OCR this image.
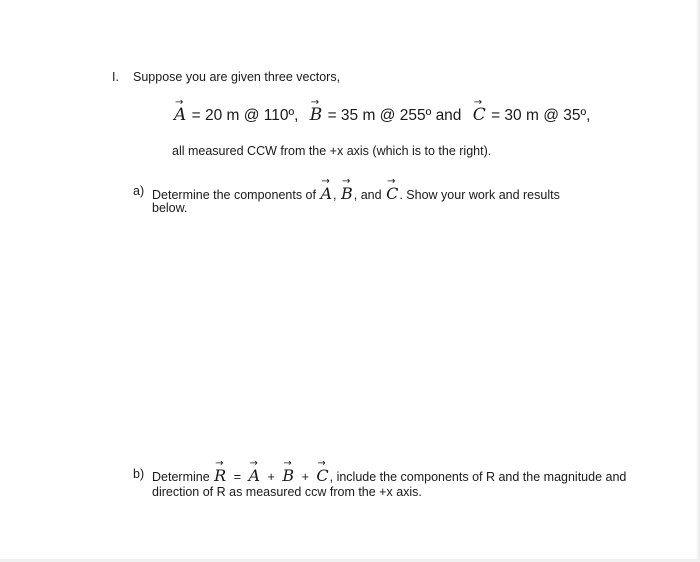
I. Suppose you are given three vectors,
→
A = 20 m @ 110º,
→
B = 35 m @ 255º and
→
C = 30 m @ 35º,
all measured CCW from the +x axis (which is to the right).
a) Determine the components of
→
A,
→
B, and
→
C. Show your work and results
below.
b) Determine
→
R =
→
A +
→
B +
→
C, include the components of R and the magnitude and
direction of R as measured ccw from the +x axis.
